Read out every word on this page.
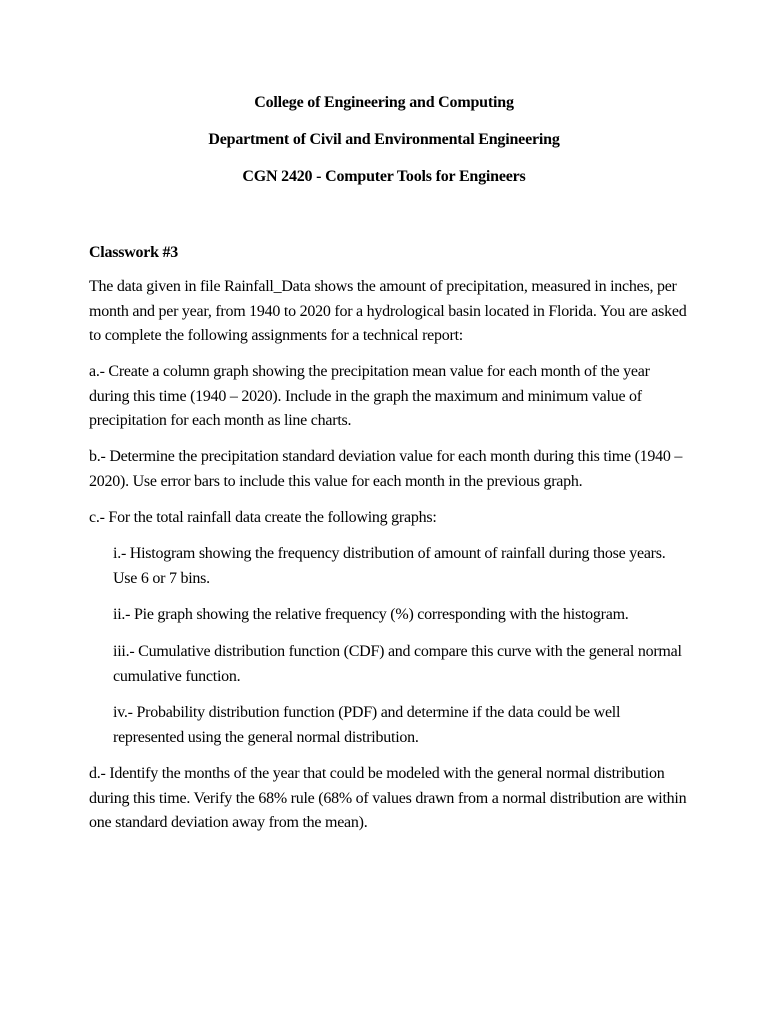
College of Engineering and Computing
Department of Civil and Environmental Engineering
CGN 2420 - Computer Tools for Engineers
Classwork #3
The data given in file Rainfall_Data shows the amount of precipitation, measured in inches, per month and per year, from 1940 to 2020 for a hydrological basin located in Florida. You are asked to complete the following assignments for a technical report:
a.- Create a column graph showing the precipitation mean value for each month of the year during this time (1940 – 2020). Include in the graph the maximum and minimum value of precipitation for each month as line charts.
b.- Determine the precipitation standard deviation value for each month during this time (1940 – 2020). Use error bars to include this value for each month in the previous graph.
c.- For the total rainfall data create the following graphs:
i.- Histogram showing the frequency distribution of amount of rainfall during those years. Use 6 or 7 bins.
ii.- Pie graph showing the relative frequency (%) corresponding with the histogram.
iii.- Cumulative distribution function (CDF) and compare this curve with the general normal cumulative function.
iv.- Probability distribution function (PDF) and determine if the data could be well represented using the general normal distribution.
d.- Identify the months of the year that could be modeled with the general normal distribution during this time. Verify the 68% rule (68% of values drawn from a normal distribution are within one standard deviation away from the mean).
